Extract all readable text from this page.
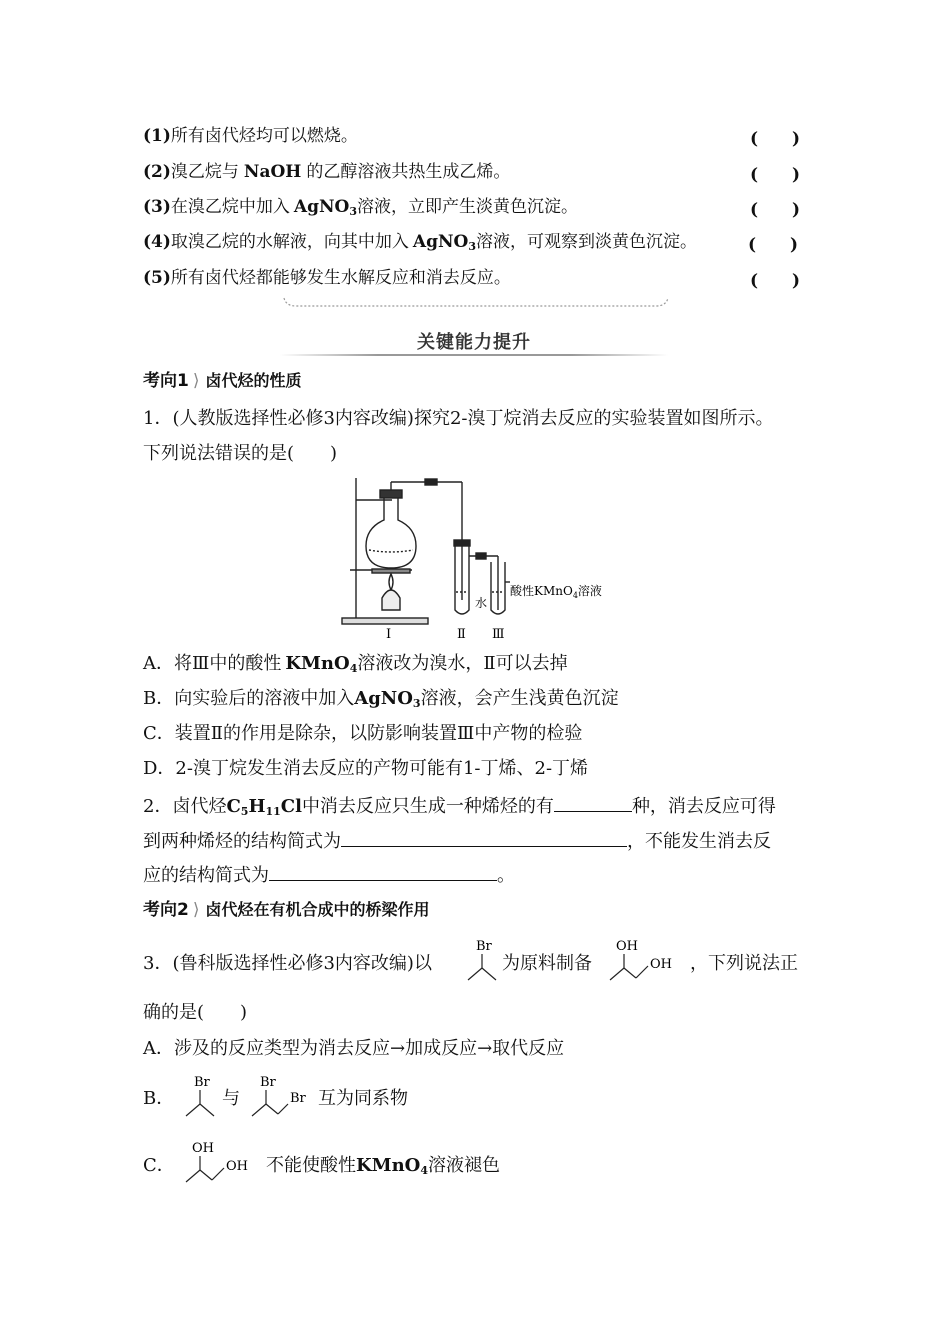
(1)所有卤代烃均可以燃烧。	(　　)
(2)溴乙烷与 NaOH 的乙醇溶液共热生成乙烯。	(　　)
(3)在溴乙烷中加入 AgNO$_3$溶液，立即产生淡黄色沉淀。	(　　)
(4)取溴乙烷的水解液，向其中加入 AgNO$_3$溶液，可观察到淡黄色沉淀。	(　　)
(5)所有卤代烃都能够发生水解反应和消去反应。	(　　)
关键能力提升
考向1 ⟩ 卤代烃的性质
1．(人教版选择性必修3内容改编)探究2-溴丁烷消去反应的实验装置如图所示。
下列说法错误的是(　　)
水
酸性KMnO$_4$溶液
Ⅰ	Ⅱ Ⅲ
A．将Ⅲ中的酸性 KMnO$_4$溶液改为溴水，Ⅱ可以去掉
B．向实验后的溶液中加入AgNO$_3$溶液，会产生浅黄色沉淀
C．装置Ⅱ的作用是除杂，以防影响装置Ⅲ中产物的检验
D．2-溴丁烷发生消去反应的产物可能有1-丁烯、2-丁烯
2．卤代烃$C_5H_{11}Cl$中消去反应只生成一种烯烃的有	种，消去反应可得
到两种烯烃的结构简式为	，不能发生消去反
应的结构简式为	。
考向2 ⟩ 卤代烃在有机合成中的桥梁作用
3．(鲁科版选择性必修3内容改编)以
Br
为原料制备
OH
OH ，下列说法正
确的是(　　)
A．涉及的反应类型为消去反应→加成反应→取代反应
B．
Br
与
Br
Br 互为同系物
C．
OH
OH 不能使酸性KMnO$_4$溶液褪色
